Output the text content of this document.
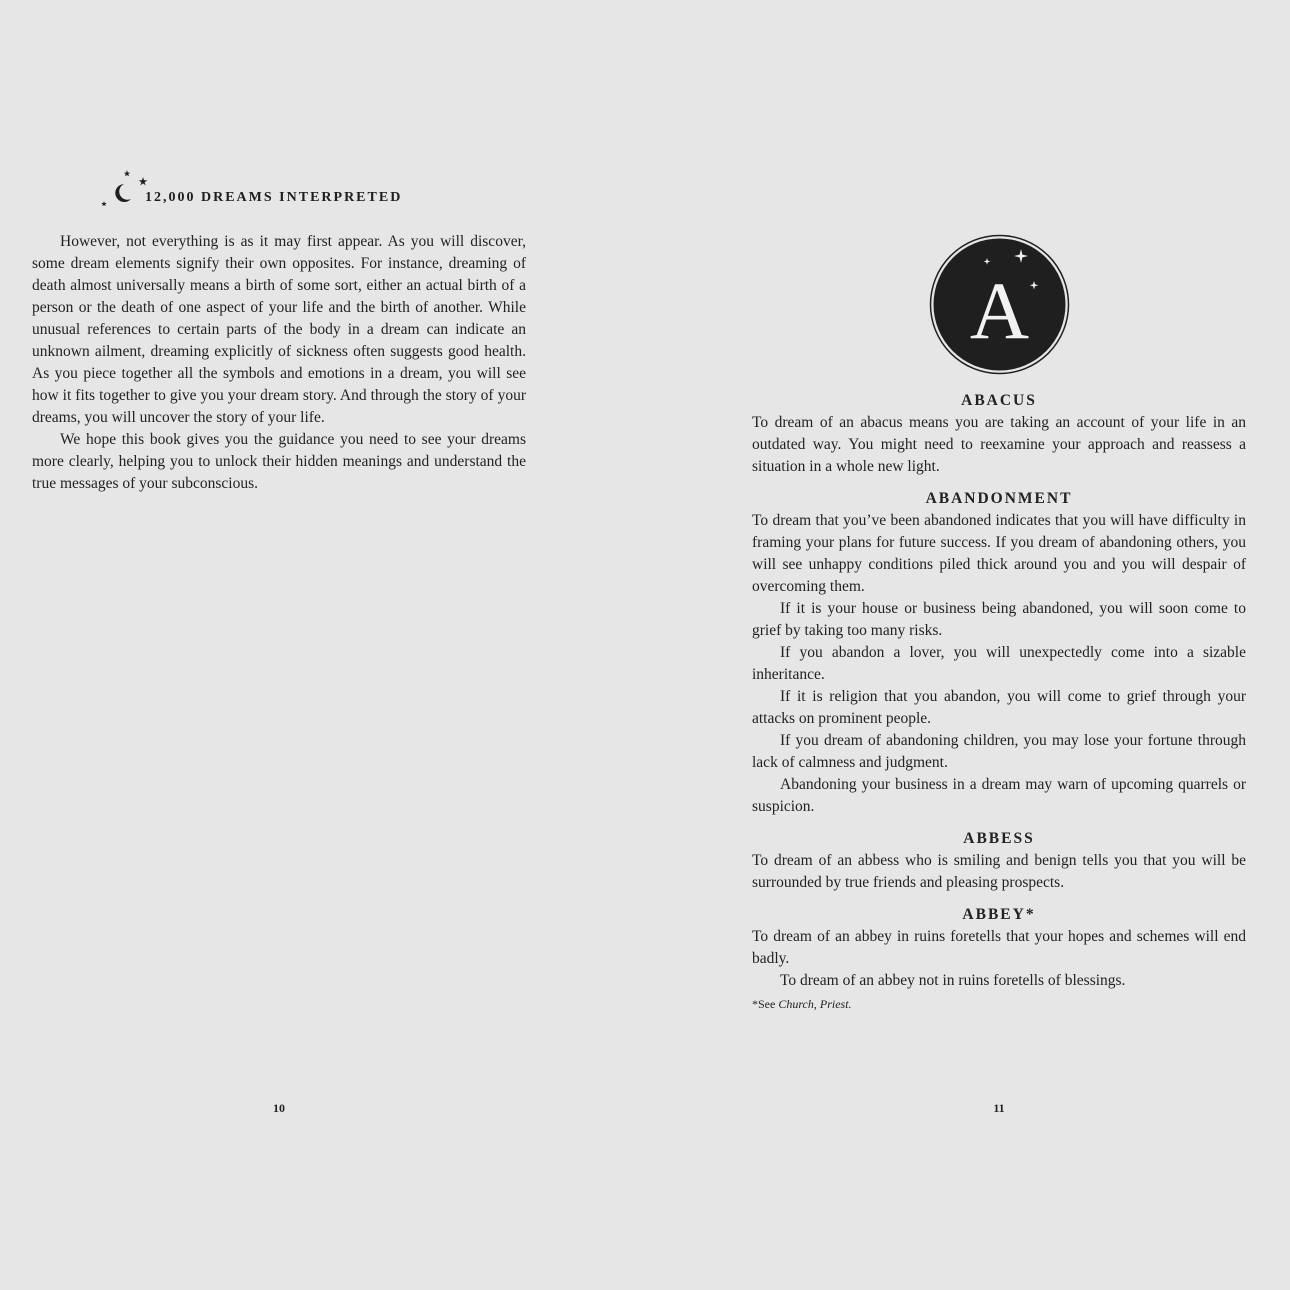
12,000 DREAMS INTERPRETED

However, not everything is as it may first appear. As you will discover, some dream elements signify their own opposites. For instance, dreaming of death almost universally means a birth of some sort, either an actual birth of a person or the death of one aspect of your life and the birth of another. While unusual references to certain parts of the body in a dream can indicate an unknown ailment, dreaming explicitly of sickness often suggests good health. As you piece together all the symbols and emotions in a dream, you will see how it fits together to give you your dream story. And through the story of your dreams, you will uncover the story of your life.

We hope this book gives you the guidance you need to see your dreams more clearly, helping you to unlock their hidden meanings and understand the true messages of your subconscious.

10
A
ABACUS

To dream of an abacus means you are taking an account of your life in an outdated way. You might need to reexamine your approach and reassess a situation in a whole new light.

ABANDONMENT

To dream that you’ve been abandoned indicates that you will have difficulty in framing your plans for future success. If you dream of abandoning others, you will see unhappy conditions piled thick around you and you will despair of overcoming them.

If it is your house or business being abandoned, you will soon come to grief by taking too many risks.

If you abandon a lover, you will unexpectedly come into a sizable inheritance.

If it is religion that you abandon, you will come to grief through your attacks on prominent people.

If you dream of abandoning children, you may lose your fortune through lack of calmness and judgment.

Abandoning your business in a dream may warn of upcoming quarrels or suspicion.

ABBESS

To dream of an abbess who is smiling and benign tells you that you will be surrounded by true friends and pleasing prospects.

ABBEY*

To dream of an abbey in ruins foretells that your hopes and schemes will end badly.

To dream of an abbey not in ruins foretells of blessings.

*See Church, Priest.
11
